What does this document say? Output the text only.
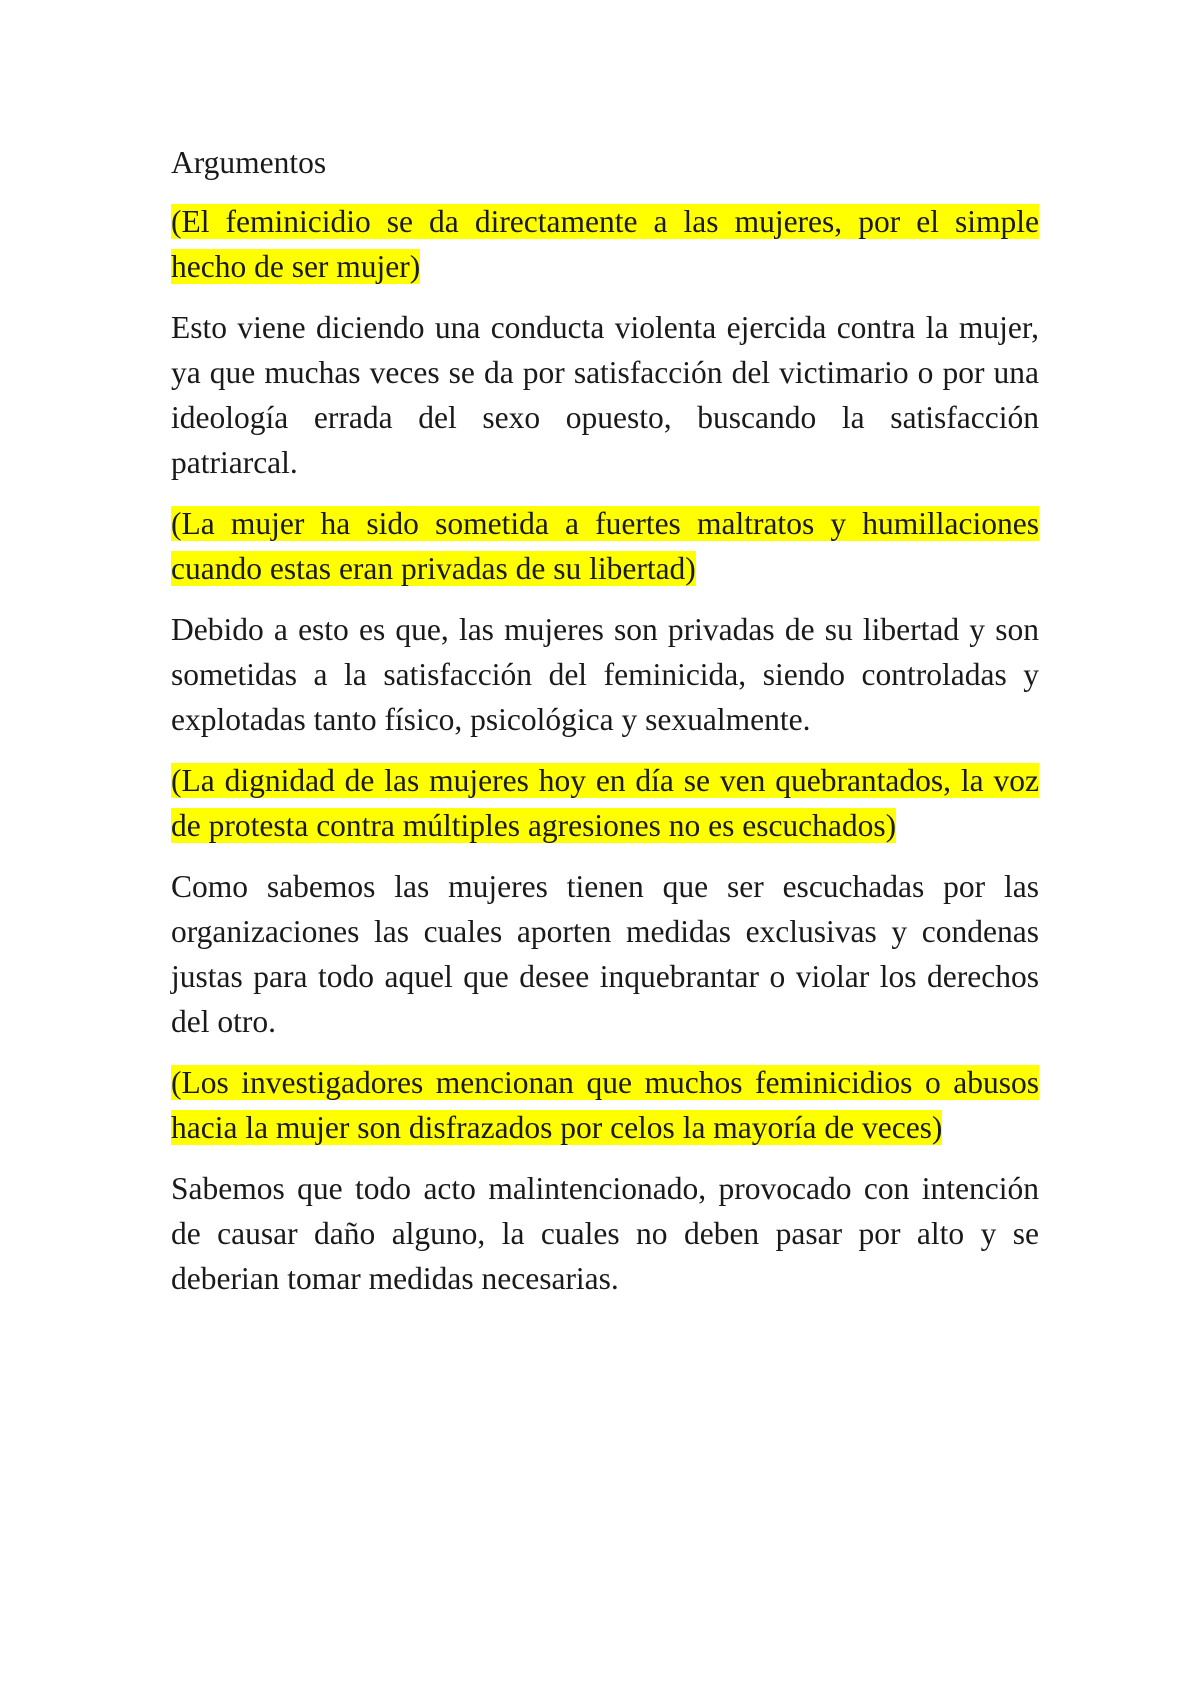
Argumentos

(El feminicidio se da directamente a las mujeres, por el simple hecho de ser mujer)

Esto viene diciendo una conducta violenta ejercida contra la mujer, ya que muchas veces se da por satisfacción del victimario o por una ideología errada del sexo opuesto, buscando la satisfacción patriarcal.

(La mujer ha sido sometida a fuertes maltratos y humillaciones cuando estas eran privadas de su libertad)

Debido a esto es que, las mujeres son privadas de su libertad y son sometidas a la satisfacción del feminicida, siendo controladas y explotadas tanto físico, psicológica y sexualmente.

(La dignidad de las mujeres hoy en día se ven quebrantados, la voz de protesta contra múltiples agresiones no es escuchados)

Como sabemos las mujeres tienen que ser escuchadas por las organizaciones las cuales aporten medidas exclusivas y condenas justas para todo aquel que desee inquebrantar o violar los derechos del otro.

(Los investigadores mencionan que muchos feminicidios o abusos hacia la mujer son disfrazados por celos la mayoría de veces)

Sabemos que todo acto malintencionado, provocado con intención de causar daño alguno, la cuales no deben pasar por alto y se deberian tomar medidas necesarias.
